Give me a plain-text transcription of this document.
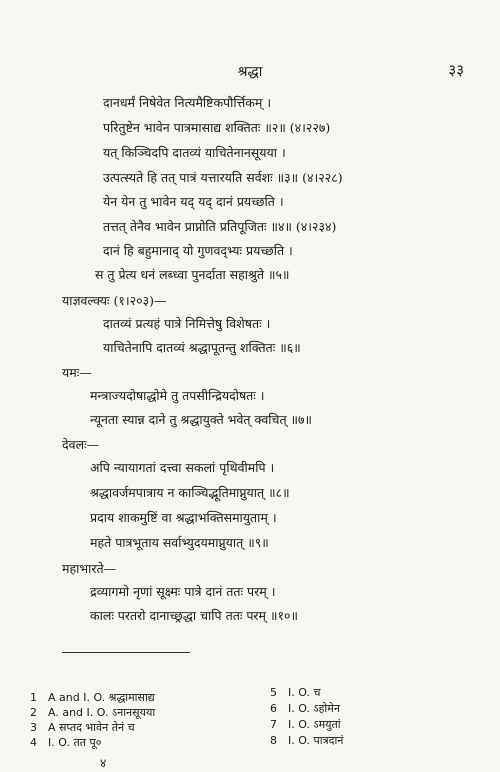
श्रद्धा	३३
दानधर्मं निषेवेत नित्यमैष्टिकपौर्त्तिकम् ।
परितुष्टेन भावेन पात्रमासाद्य शक्तितः ॥२॥ (४।२२७)
यत् किञ्चिदपि दातव्यं याचितेनानसूयया ।
उत्पत्स्यते हि तत् पात्रं यत्तारयति सर्वशः ॥३॥ (४।२२८)
येन येन तु भावेन यद् यद् दानं प्रयच्छति ।
तत्तत् तेनैव भावेन प्राप्नोति प्रतिपूजितः ॥४॥ (४।२३४)
दानं हि बहुमानाद् यो गुणवद्भ्यः प्रयच्छति ।
स तु प्रेत्य धनं लब्ध्वा पुनर्दाता सहाश्रुते ॥५॥
याज्ञवल्क्यः (१।२०३)—
दातव्यं प्रत्यहं पात्रे निमित्तेषु विशेषतः ।
याचितेनापि दातव्यं श्रद्धापूतन्तु शक्तितः ॥६॥
यमः—
मन्त्राज्यदोषाद्धोमे तु तपसीन्द्रियदोषतः ।
न्यूनता स्यान्न दाने तु श्रद्धायुक्ते भवेत् क्वचित् ॥७॥
देवलः—
अपि न्यायागतां दत्त्वा सकलां पृथिवीमपि ।
श्रद्धावर्जमपात्राय न काञ्चिद्भूतिमाप्नुयात् ॥८॥
प्रदाय शाकमुष्टिं वा श्रद्धाभक्तिसमायुताम् ।
महते पात्रभूताय सर्वाभ्युदयमाप्नुयात् ॥९॥
महाभारते—
द्रव्यागमो नृणां सूक्ष्मः पात्रे दानं ततः परम् ।
कालः परतरो दानाच्छ्रद्धा चापि ततः परम् ॥१०॥
1 A and I. O. श्रद्धामासाद्य
2 A. and I. O. ऽनानसूयया
3 A सप्तद भावेन तेनं च
4 I. O. तत पू०
5 I. O. च
6 I. O. ऽहोमेन
7 I. O. ऽमयुतां
8 I. O. पात्रदानं
४
